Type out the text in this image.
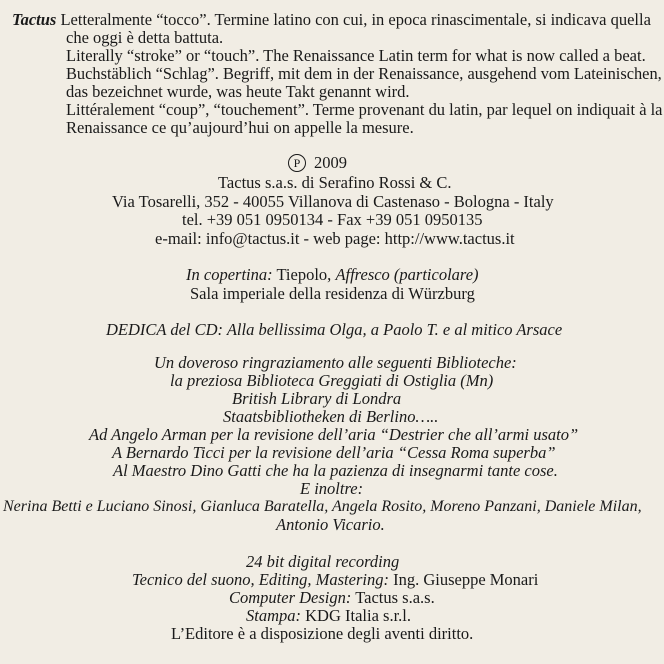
Tactus Letteralmente “tocco”. Termine latino con cui, in epoca rinascimentale, si indicava quella
che oggi è detta battuta.
Literally “stroke” or “touch”. The Renaissance Latin term for what is now called a beat.
Buchstäblich “Schlag”. Begriff, mit dem in der Renaissance, ausgehend vom Lateinischen,
das bezeichnet wurde, was heute Takt genannt wird.
Littéralement “coup”, “touchement”. Terme provenant du latin, par lequel on indiquait à la
Renaissance ce qu’aujourd’hui on appelle la mesure.
P 2009
Tactus s.a.s. di Serafino Rossi & C.
Via Tosarelli, 352 - 40055 Villanova di Castenaso - Bologna - Italy
tel. +39 051 0950134 - Fax +39 051 0950135
e-mail: info@tactus.it - web page: http://www.tactus.it
In copertina: Tiepolo, Affresco (particolare)
Sala imperiale della residenza di Würzburg
DEDICA del CD: Alla bellissima Olga, a Paolo T. e al mitico Arsace
Un doveroso ringraziamento alle seguenti Biblioteche:
la preziosa Biblioteca Greggiati di Ostiglia (Mn)
British Library di Londra
Staatsbibliotheken di Berlino…..
Ad Angelo Arman per la revisione dell’aria “Destrier che all’armi usato”
A Bernardo Ticci per la revisione dell’aria “Cessa Roma superba”
Al Maestro Dino Gatti che ha la pazienza di insegnarmi tante cose.
E inoltre:
Nerina Betti e Luciano Sinosi, Gianluca Baratella, Angela Rosito, Moreno Panzani, Daniele Milan,
Antonio Vicario.
24 bit digital recording
Tecnico del suono, Editing, Mastering: Ing. Giuseppe Monari
Computer Design: Tactus s.a.s.
Stampa: KDG Italia s.r.l.
L’Editore è a disposizione degli aventi diritto.
